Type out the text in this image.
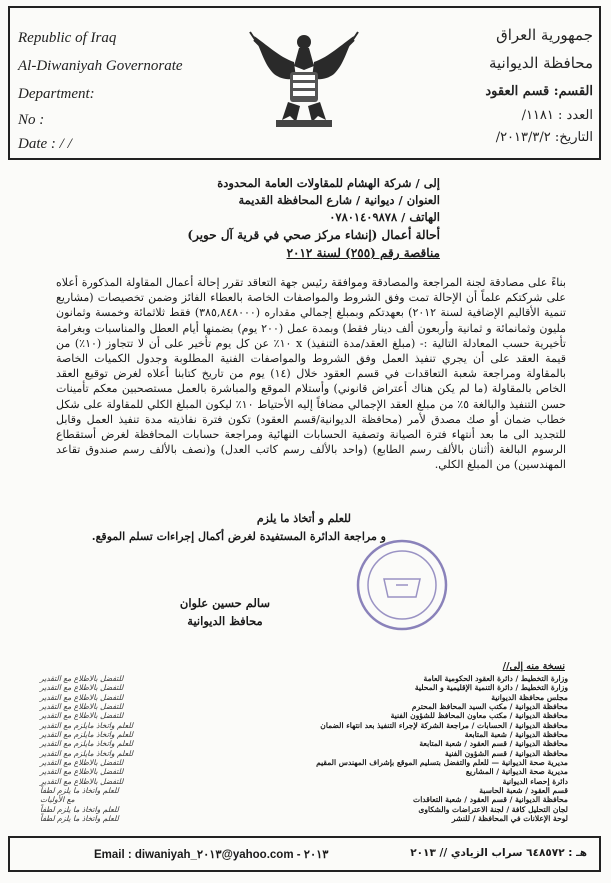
Republic of Iraq
Al-Diwaniyah Governorate
Department:
No :
Date : / /
جمهورية العراق
محافظة الديوانية
القسم: قسم العقود
العدد : ١١٨١/
التاريخ: ٢٠١٣/٣/٢/
إلى / شركة الهشام للمقاولات العامة المحدودة
العنوان / ديوانية / شارع المحافظة القديمة
الهاتف / ٠٧٨٠١٤٠٩٨٧٨
أحالة أعمال (إنشاء مركز صحي في قرية آل حوير)
مناقصة رقم (٢٥٥) لسنة ٢٠١٢
بناءً على مصادقة لجنة المراجعة والمصادقة وموافقة رئيس جهة التعاقد تقرر إحالة أعمال المقاولة المذكورة أعلاه على شركتكم علماً أن الإحالة تمت وفق الشروط والمواصفات الخاصة بالعطاء الفائز وضمن تخصيصات (مشاريع تنمية الأقاليم الإضافية لسنة ٢٠١٢) بعهدتكم وبمبلغ إجمالي مقداره (٣٨٥,٨٤٨٠٠٠) فقط ثلاثمائة وخمسة وثمانون مليون وثمانمائة و ثمانية وأربعون ألف دينار فقط) وبمدة عمل (٢٠٠ يوم) بضمنها أيام العطل والمناسبات وبغرامة تأخيرية حسب المعادلة التالية :- (مبلغ العقد/مدة التنفيذ) x ١٠٪ عن كل يوم تأخير على أن لا تتجاوز (١٠٪) من قيمة العقد على أن يجري تنفيذ العمل وفق الشروط والمواصفات الفنية المطلوبة وجدول الكميات الخاصة بالمقاولة ومراجعة شعبة التعاقدات في قسم العقود خلال (١٤) يوم من تاريخ كتابنا أعلاه لغرض توقيع العقد الخاص بالمقاولة (ما لم يكن هناك أعتراض قانوني) وأستلام الموقع والمباشرة بالعمل مستصحبين معكم تأمينات حسن التنفيذ والبالغة ٥٪ من مبلغ العقد الإجمالي مضافاً إليه الأحتياط ١٠٪ ليكون المبلغ الكلي للمقاولة على شكل خطاب ضمان أو صك مصدق لأمر (محافظة الديوانية/قسم العقود) تكون فترة نفاذيته مدة تنفيذ العمل وقابل للتجديد الى ما بعد أنتهاء فترة الصيانة وتصفية الحسابات النهائية ومراجعة حسابات المحافظة لغرض أستقطاع الرسوم البالغة (أثنان بالألف رسم الطابع) (واحد بالألف رسم كاتب العدل) و(نصف بالألف رسم صندوق تقاعد المهندسين) من المبلغ الكلي.
للعلم و أتخاذ ما يلزم
و مراجعة الدائرة المستفيدة لغرض أكمال إجراءات تسلم الموقع.
سالم حسين علوان
محافظ الديوانية
نسخة منه إلى//
وزارة التخطيط / دائرة العقود الحكومية العامة
للتفضل بالاطلاع مع التقدير
وزارة التخطيط / دائرة التنمية الإقليمية و المحلية
للتفضل بالاطلاع مع التقدير
مجلس محافظة الديوانية
للتفضل بالاطلاع مع التقدير
محافظة الديوانية / مكتب السيد المحافظ المحترم
للتفضل بالاطلاع مع التقدير
محافظة الديوانية / مكتب معاون المحافظ للشؤون الفنية
للتفضل بالاطلاع مع التقدير
محافظة الديوانية / الحسابات / مراجعة الشركة لإجراء التنفيذ بعد انتهاء الضمان
للعلم واتخاذ مايلزم مع التقدير
محافظة الديوانية / شعبة المتابعة
للعلم واتخاذ مايلزم مع التقدير
محافظة الديوانية / قسم العقود / شعبة المتابعة
للعلم واتخاذ مايلزم مع التقدير
محافظة الديوانية / قسم الشؤون الفنية
للعلم واتخاذ مايلزم مع التقدير
مديرية صحة الديوانية — للعلم والتفضل بتسليم الموقع بإشراف المهندس المقيم
للتفضل بالاطلاع مع التقدير
مديرية صحة الديوانية / المشاريع
للتفضل بالاطلاع مع التقدير
دائرة إحصاء الديوانية
للتفضل بالاطلاع مع التقدير
قسم العقود / شعبة الحاسبة
للعلم واتخاذ ما يلزم لطفاً
محافظة الديوانية / قسم العقود / شعبة التعاقدات
مع الأوليات
لجان التحليل كافة / لجنة الاعتراضات والشكاوى
للعلم واتخاذ ما يلزم لطفاً
لوحة الإعلانات في المحافظة / للنشر
للعلم واتخاذ ما يلزم لطفاً
Email : diwaniyah_٢٠١٣@yahoo.com - ٢٠١٣	هـ : ٦٤٨٥٧٢ سراب الزيادي // ٢٠١٣
